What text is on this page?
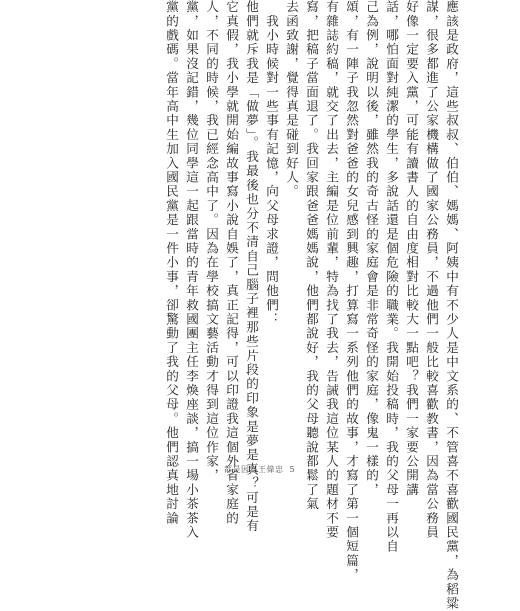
應該是政府，這些叔叔、伯伯、媽媽、阿姨中有不少人是中文系的、不管喜不喜歡國民黨，為稻粱
謀，很多都進了公家機構做了國家公務員，不過他們一般比較喜歡教書，因為當公務員
好像一定要入黨，可能有讀書人的自由度相對比較大一點吧？我們一家要公開講
話，哪怕面對純潔的學生，多說話還是個危險的職業。我開始投稿時，我的父母一再以自
己為例，說明以後，雖然我的奇古怪的家庭會是非常奇怪的家庭，像鬼一樣的，
頌，有一陣子我忽然對爸爸的女兒感到興趣，打算寫一系列他們的故事，才寫了第一個短篇，
有雜誌約稿，就交了出去，主編是位前輩，特為找了我去，告誡我這位某人的題材不要
寫，把稿子當面退了。我回家跟爸爸媽媽說，他們都說好，我的父母聽說都鬆了氣
去函致謝，覺得真是碰到好人。
　我小時候對一些事有記憶，向父母求證，問他們：
他們就斥我是「做夢」。我最後也分不清自己腦子裡那些片段的印象是夢是真？可是有
它真假，我小學就開始編故事寫小說自娛了，真正記得，可以印證我這個外省家庭的
人，不同的時候，我已經念高中了。因為在學校搞文藝活動才得到這位作家，
黨，如果沒記錯，幾位同學這一起跟當時的青年救國團主任李煥座談，搞一場小茶茶入
黨的戲碼。當年高中生加入國民黨是一件小事，卻驚動了我的父母。他們認真地討論	都是因為王偉忠 5
